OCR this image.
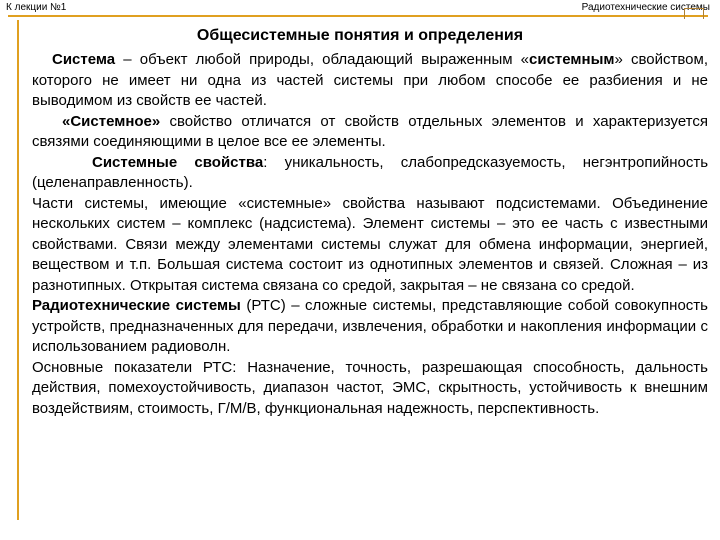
К лекции №1	Радиотехнические системы
Общесистемные понятия и определения

Система – объект любой природы, обладающий выраженным «системным» свойством, которого не имеет ни одна из частей системы при любом способе ее разбиения и не выводимом из свойств ее частей.

«Системное» свойство отличатся от свойств отдельных элементов и характеризуется связями соединяющими в целое все ее элементы.

Системные свойства: уникальность, слабопредсказуемость, негэнтропийность (целенаправленность).

Части системы, имеющие «системные» свойства называют подсистемами. Объединение нескольких систем – комплекс (надсистема). Элемент системы – это ее часть с известными свойствами. Связи между элементами системы служат для обмена информации, энергией, веществом и т.п. Большая система состоит из однотипных элементов и связей. Сложная – из разнотипных. Открытая система связана со средой, закрытая – не связана со средой.

Радиотехнические системы (РТС) – сложные системы, представляющие собой совокупность устройств, предназначенных для передачи, извлечения, обработки и накопления информации с использованием радиоволн.

Основные показатели РТС: Назначение, точность, разрешающая способность, дальность действия, помехоустойчивость, диапазон частот, ЭМС, скрытность, устойчивость к внешним воздействиям, стоимость, Г/М/В, функциональная надежность, перспективность.
